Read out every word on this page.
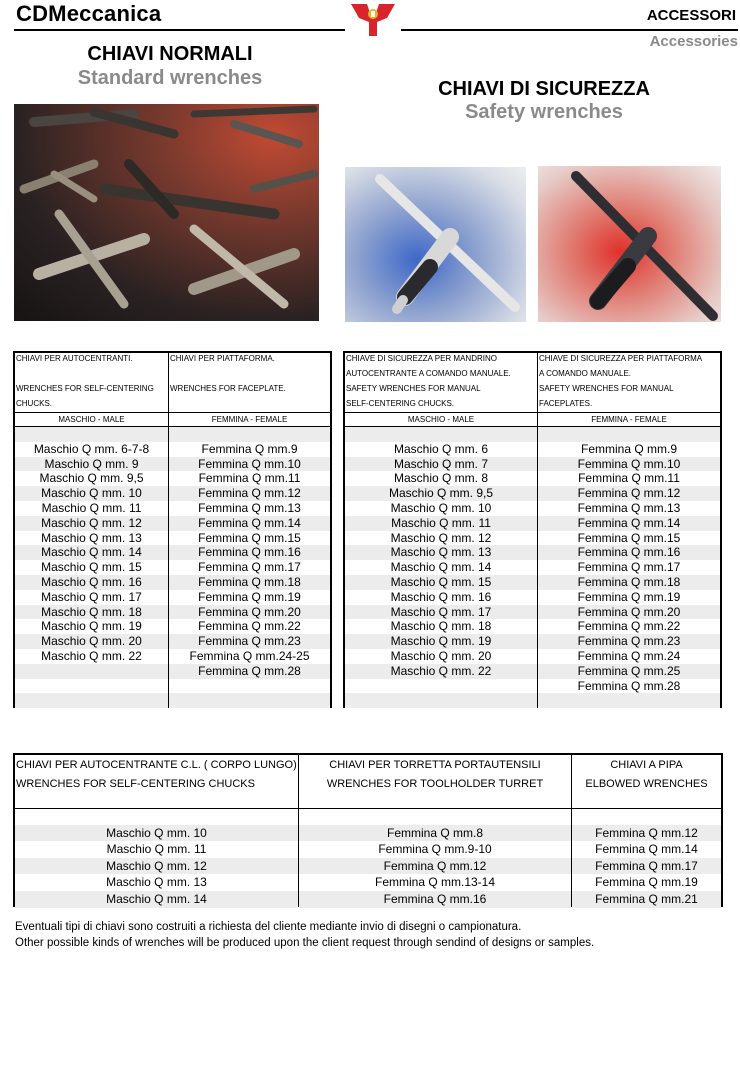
CDMeccanica	ACCESSORI
Accessories
CHIAVI NORMALI
Standard wrenches	CHIAVI DI SICUREZZA
Safety wrenches
CHIAVI PER AUTOCENTRANTI.
WRENCHES FOR SELF-CENTERING
CHUCKS.
MASCHIO - MALE
Maschio Q mm. 6-7-8
Maschio Q mm. 9
Maschio Q mm. 9,5
Maschio Q mm. 10
Maschio Q mm. 11
Maschio Q mm. 12
Maschio Q mm. 13
Maschio Q mm. 14
Maschio Q mm. 15
Maschio Q mm. 16
Maschio Q mm. 17
Maschio Q mm. 18
Maschio Q mm. 19
Maschio Q mm. 20
Maschio Q mm. 22
CHIAVI PER PIATTAFORMA.
WRENCHES FOR FACEPLATE.
FEMMINA - FEMALE
Femmina Q mm.9
Femmina Q mm.10
Femmina Q mm.11
Femmina Q mm.12
Femmina Q mm.13
Femmina Q mm.14
Femmina Q mm.15
Femmina Q mm.16
Femmina Q mm.17
Femmina Q mm.18
Femmina Q mm.19
Femmina Q mm.20
Femmina Q mm.22
Femmina Q mm.23
Femmina Q mm.24-25
Femmina Q mm.28
CHIAVE DI SICUREZZA PER MANDRINO
AUTOCENTRANTE A COMANDO MANUALE.
SAFETY WRENCHES FOR MANUAL
SELF-CENTERING CHUCKS.
MASCHIO - MALE
Maschio Q mm. 6
Maschio Q mm. 7
Maschio Q mm. 8
Maschio Q mm. 9,5
Maschio Q mm. 10
Maschio Q mm. 11
Maschio Q mm. 12
Maschio Q mm. 13
Maschio Q mm. 14
Maschio Q mm. 15
Maschio Q mm. 16
Maschio Q mm. 17
Maschio Q mm. 18
Maschio Q mm. 19
Maschio Q mm. 20
Maschio Q mm. 22
CHIAVE DI SICUREZZA PER PIATTAFORMA
A COMANDO MANUALE.
SAFETY WRENCHES FOR MANUAL
FACEPLATES.
FEMMINA - FEMALE
Femmina Q mm.9
Femmina Q mm.10
Femmina Q mm.11
Femmina Q mm.12
Femmina Q mm.13
Femmina Q mm.14
Femmina Q mm.15
Femmina Q mm.16
Femmina Q mm.17
Femmina Q mm.18
Femmina Q mm.19
Femmina Q mm.20
Femmina Q mm.22
Femmina Q mm.23
Femmina Q mm.24
Femmina Q mm.25
Femmina Q mm.28
CHIAVI PER AUTOCENTRANTE C.L. ( CORPO LUNGO)
WRENCHES FOR SELF-CENTERING CHUCKS
Maschio Q mm. 10
Maschio Q mm. 11
Maschio Q mm. 12
Maschio Q mm. 13
Maschio Q mm. 14
CHIAVI PER TORRETTA PORTAUTENSILI
WRENCHES FOR TOOLHOLDER TURRET
Femmina Q mm.8
Femmina Q mm.9-10
Femmina Q mm.12
Femmina Q mm.13-14
Femmina Q mm.16
CHIAVI A PIPA
ELBOWED WRENCHES
Femmina Q mm.12
Femmina Q mm.14
Femmina Q mm.17
Femmina Q mm.19
Femmina Q mm.21
Eventuali tipi di chiavi sono costruiti a richiesta del cliente mediante invio di disegni o campionatura.
Other possible kinds of wrenches will be produced upon the client request through sendind of designs or samples.
